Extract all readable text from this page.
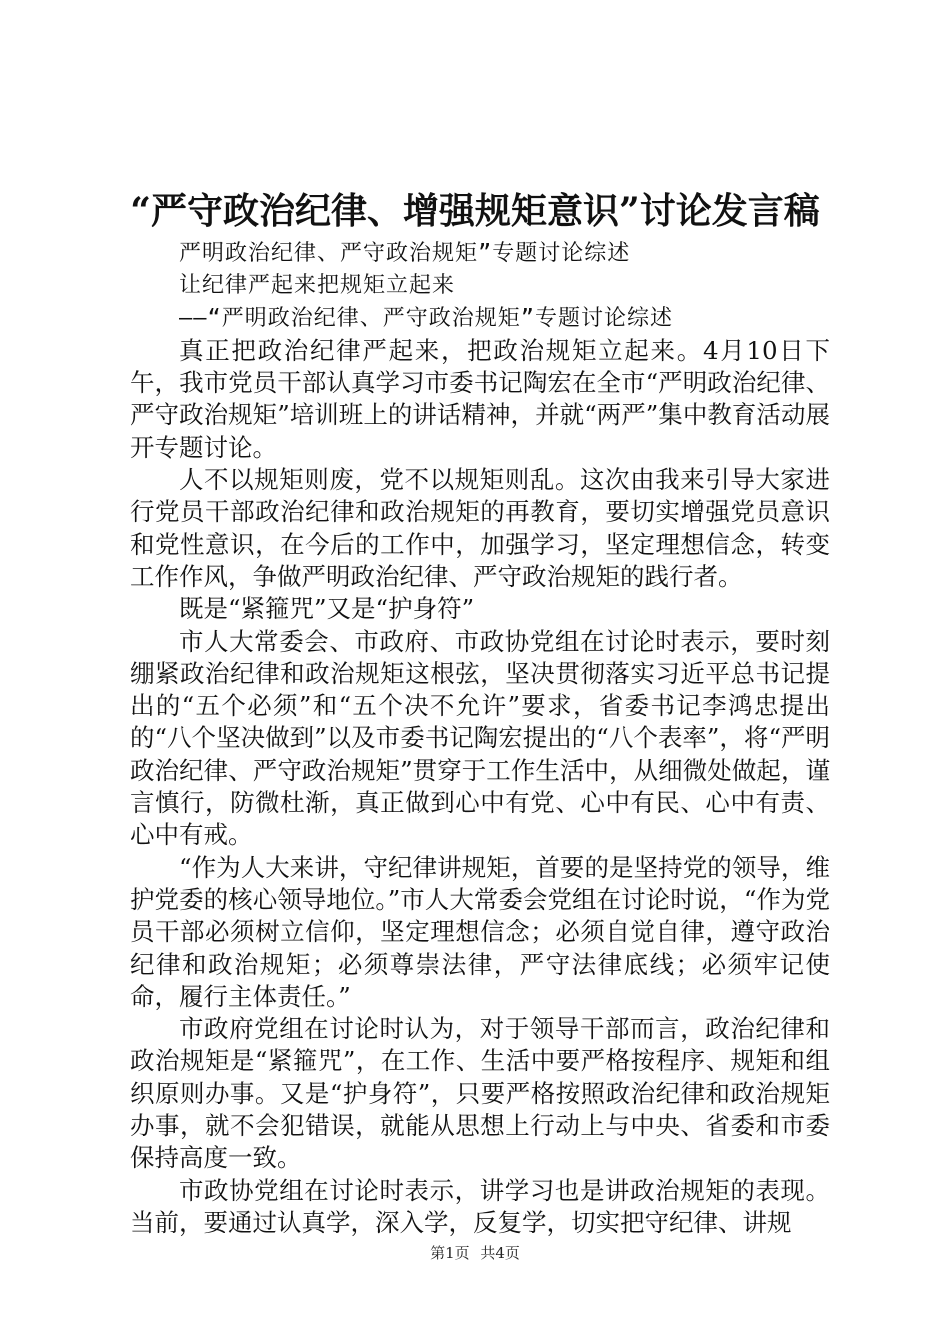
“严守政治纪律、增强规矩意识”讨论发言稿

严明政治纪律、严守政治规矩”专题讨论综述

让纪律严起来把规矩立起来

——“严明政治纪律、严守政治规矩”专题讨论综述

真正把政治纪律严起来，把政治规矩立起来。4月10日下午，我市党员干部认真学习市委书记陶宏在全市“严明政治纪律、严守政治规矩”培训班上的讲话精神，并就“两严”集中教育活动展开专题讨论。

人不以规矩则废，党不以规矩则乱。这次由我来引导大家进行党员干部政治纪律和政治规矩的再教育，要切实增强党员意识和党性意识，在今后的工作中，加强学习，坚定理想信念，转变工作作风，争做严明政治纪律、严守政治规矩的践行者。

既是“紧箍咒”又是“护身符”

市人大常委会、市政府、市政协党组在讨论时表示，要时刻绷紧政治纪律和政治规矩这根弦，坚决贯彻落实习近平总书记提出的“五个必须”和“五个决不允许”要求，省委书记李鸿忠提出的“八个坚决做到”以及市委书记陶宏提出的“八个表率”，将“严明政治纪律、严守政治规矩”贯穿于工作生活中，从细微处做起，谨言慎行，防微杜渐，真正做到心中有党、心中有民、心中有责、心中有戒。

“作为人大来讲，守纪律讲规矩，首要的是坚持党的领导，维护党委的核心领导地位。”市人大常委会党组在讨论时说，“作为党员干部必须树立信仰，坚定理想信念；必须自觉自律，遵守政治纪律和政治规矩；必须尊崇法律，严守法律底线；必须牢记使命，履行主体责任。”

市政府党组在讨论时认为，对于领导干部而言，政治纪律和政治规矩是“紧箍咒”，在工作、生活中要严格按程序、规矩和组织原则办事。又是“护身符”，只要严格按照政治纪律和政治规矩办事，就不会犯错误，就能从思想上行动上与中央、省委和市委保持高度一致。

市政协党组在讨论时表示，讲学习也是讲政治规矩的表现。当前，要通过认真学，深入学，反复学，切实把守纪律、讲规

第1页 共4页
